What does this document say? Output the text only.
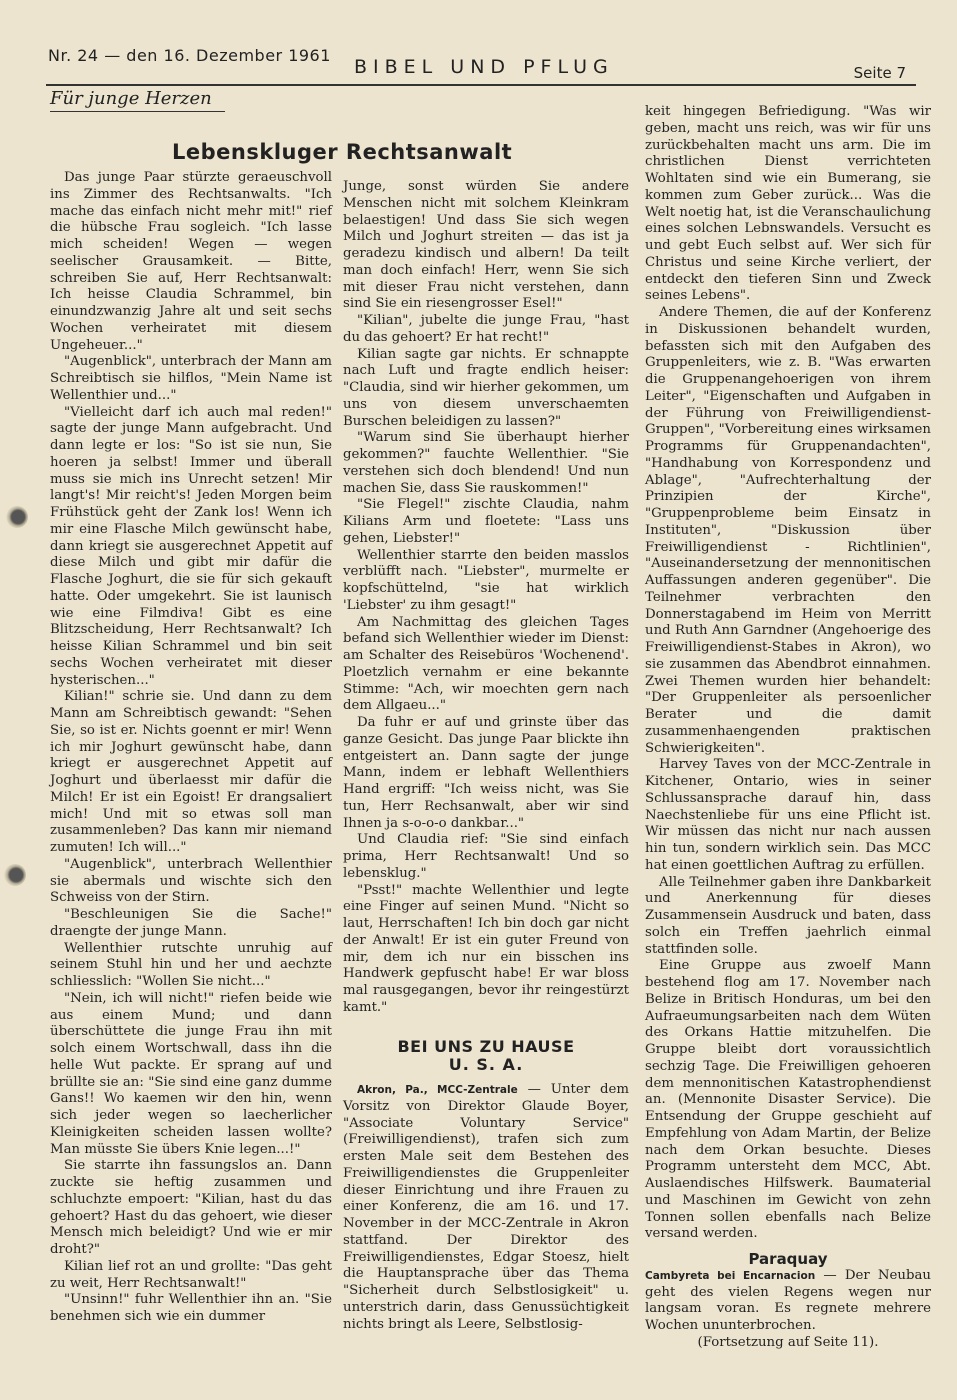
Nr. 24 — den 16. Dezember 1961
BIBEL UND PFLUG	Seite 7
Für junge Herzen
Lebenskluger Rechtsanwalt

Das junge Paar stürzte geraeuschvoll ins Zimmer des Rechtsanwalts. "Ich mache das einfach nicht mehr mit!" rief die hübsche Frau sogleich. "Ich lasse mich scheiden! Wegen — wegen seelischer Grausamkeit. — Bitte, schreiben Sie auf, Herr Rechtsanwalt: Ich heisse Claudia Schrammel, bin einundzwanzig Jahre alt und seit sechs Wochen verheiratet mit diesem Ungeheuer..."

"Augenblick", unterbrach der Mann am Schreibtisch sie hilflos, "Mein Name ist Wellenthier und..."

"Vielleicht darf ich auch mal reden!" sagte der junge Mann aufgebracht. Und dann legte er los: "So ist sie nun, Sie hoeren ja selbst! Immer und überall muss sie mich ins Unrecht setzen! Mir langt's! Mir reicht's! Jeden Morgen beim Frühstück geht der Zank los! Wenn ich mir eine Flasche Milch gewünscht habe, dann kriegt sie ausgerechnet Appetit auf diese Milch und gibt mir dafür die Flasche Joghurt, die sie für sich gekauft hatte. Oder umgekehrt. Sie ist launisch wie eine Filmdiva! Gibt es eine Blitzscheidung, Herr Rechtsanwalt? Ich heisse Kilian Schrammel und bin seit sechs Wochen verheiratet mit dieser hysterischen..."

Kilian!" schrie sie. Und dann zu dem Mann am Schreibtisch gewandt: "Sehen Sie, so ist er. Nichts goennt er mir! Wenn ich mir Joghurt gewünscht habe, dann kriegt er ausgerechnet Appetit auf Joghurt und überlaesst mir dafür die Milch! Er ist ein Egoist! Er drangsaliert mich! Und mit so etwas soll man zusammenleben? Das kann mir niemand zumuten! Ich will..."

"Augenblick", unterbrach Wellenthier sie abermals und wischte sich den Schweiss von der Stirn.

"Beschleunigen Sie die Sache!" draengte der junge Mann.

Wellenthier rutschte unruhig auf seinem Stuhl hin und her und aechzte schliesslich: "Wollen Sie nicht..."

"Nein, ich will nicht!" riefen beide wie aus einem Mund; und dann überschüttete die junge Frau ihn mit solch einem Wortschwall, dass ihn die helle Wut packte. Er sprang auf und brüllte sie an: "Sie sind eine ganz dumme Gans!! Wo kaemen wir den hin, wenn sich jeder wegen so laecherlicher Kleinigkeiten scheiden lassen wollte? Man müsste Sie übers Knie legen...!"

Sie starrte ihn fassungslos an. Dann zuckte sie heftig zusammen und schluchzte empoert: "Kilian, hast du das gehoert? Hast du das gehoert, wie dieser Mensch mich beleidigt? Und wie er mir droht?"

Kilian lief rot an und grollte: "Das geht zu weit, Herr Rechtsanwalt!"

"Unsinn!" fuhr Wellenthier ihn an. "Sie benehmen sich wie ein dummer

Junge, sonst würden Sie andere Menschen nicht mit solchem Kleinkram belaestigen! Und dass Sie sich wegen Milch und Joghurt streiten — das ist ja geradezu kindisch und albern! Da teilt man doch einfach! Herr, wenn Sie sich mit dieser Frau nicht verstehen, dann sind Sie ein riesengrosser Esel!"

"Kilian", jubelte die junge Frau, "hast du das gehoert? Er hat recht!"

Kilian sagte gar nichts. Er schnappte nach Luft und fragte endlich heiser: "Claudia, sind wir hierher gekommen, um uns von diesem unverschaemten Burschen beleidigen zu lassen?"

"Warum sind Sie überhaupt hierher gekommen?" fauchte Wellenthier. "Sie verstehen sich doch blendend! Und nun machen Sie, dass Sie rauskommen!"

"Sie Flegel!" zischte Claudia, nahm Kilians Arm und floetete: "Lass uns gehen, Liebster!"

Wellenthier starrte den beiden masslos verblüfft nach. "Liebster", murmelte er kopfschüttelnd, "sie hat wirklich 'Liebster' zu ihm gesagt!"

Am Nachmittag des gleichen Tages befand sich Wellenthier wieder im Dienst: am Schalter des Reisebüros 'Wochenend'. Ploetzlich vernahm er eine bekannte Stimme: "Ach, wir moechten gern nach dem Allgaeu..."

Da fuhr er auf und grinste über das ganze Gesicht. Das junge Paar blickte ihn entgeistert an. Dann sagte der junge Mann, indem er lebhaft Wellenthiers Hand ergriff: "Ich weiss nicht, was Sie tun, Herr Rechsanwalt, aber wir sind Ihnen ja s-o-o-o dankbar..."

Und Claudia rief: "Sie sind einfach prima, Herr Rechtsanwalt! Und so lebensklug."

"Psst!" machte Wellenthier und legte eine Finger auf seinen Mund. "Nicht so laut, Herrschaften! Ich bin doch gar nicht der Anwalt! Er ist ein guter Freund von mir, dem ich nur ein bisschen ins Handwerk gepfuscht habe! Er war bloss mal rausgegangen, bevor ihr reingestürzt kamt."

BEI UNS ZU HAUSE
U. S. A.

Akron, Pa., MCC-Zentrale — Unter dem Vorsitz von Direktor Glaude Boyer, "Associate Voluntary Service" (Freiwilligendienst), trafen sich zum ersten Male seit dem Bestehen des Freiwilligendienstes die Gruppenleiter dieser Einrichtung und ihre Frauen zu einer Konferenz, die am 16. und 17. November in der MCC-Zentrale in Akron stattfand. Der Direktor des Freiwilligendienstes, Edgar Stoesz, hielt die Hauptansprache über das Thema "Sicherheit durch Selbstlosigkeit" u. unterstrich darin, dass Genussüchtigkeit nichts bringt als Leere, Selbstlosig-

keit hingegen Befriedigung. "Was wir geben, macht uns reich, was wir für uns zurückbehalten macht uns arm. Die im christlichen Dienst verrichteten Wohltaten sind wie ein Bumerang, sie kommen zum Geber zurück... Was die Welt noetig hat, ist die Veranschaulichung eines solchen Lebnswandels. Versucht es und gebt Euch selbst auf. Wer sich für Christus und seine Kirche verliert, der entdeckt den tieferen Sinn und Zweck seines Lebens".

Andere Themen, die auf der Konferenz in Diskussionen behandelt wurden, befassten sich mit den Aufgaben des Gruppenleiters, wie z. B. "Was erwarten die Gruppenangehoerigen von ihrem Leiter", "Eigenschaften und Aufgaben in der Führung von Freiwilligendienst-Gruppen", "Vorbereitung eines wirksamen Programms für Gruppenandachten", "Handhabung von Korrespondenz und Ablage", "Aufrechterhaltung der Prinzipien der Kirche", "Gruppenprobleme beim Einsatz in Instituten", "Diskussion über Freiwilligendienst - Richtlinien", "Auseinandersetzung der mennonitischen Auffassungen anderen gegenüber". Die Teilnehmer verbrachten den Donnerstagabend im Heim von Merritt und Ruth Ann Garndner (Angehoerige des Freiwilligendienst-Stabes in Akron), wo sie zusammen das Abendbrot einnahmen. Zwei Themen wurden hier behandelt: "Der Gruppenleiter als persoenlicher Berater und die damit zusammenhaengenden praktischen Schwierigkeiten".

Harvey Taves von der MCC-Zentrale in Kitchener, Ontario, wies in seiner Schlussansprache darauf hin, dass Naechstenliebe für uns eine Pflicht ist. Wir müssen das nicht nur nach aussen hin tun, sondern wirklich sein. Das MCC hat einen goettlichen Auftrag zu erfüllen.

Alle Teilnehmer gaben ihre Dankbarkeit und Anerkennung für dieses Zusammensein Ausdruck und baten, dass solch ein Treffen jaehrlich einmal stattfinden solle.

Eine Gruppe aus zwoelf Mann bestehend flog am 17. November nach Belize in Britisch Honduras, um bei den Aufraeumungsarbeiten nach dem Wüten des Orkans Hattie mitzuhelfen. Die Gruppe bleibt dort voraussichtlich sechzig Tage. Die Freiwilligen gehoeren dem mennonitischen Katastrophendienst an. (Mennonite Disaster Service). Die Entsendung der Gruppe geschieht auf Empfehlung von Adam Martin, der Belize nach dem Orkan besuchte. Dieses Programm untersteht dem MCC, Abt. Auslaendisches Hilfswerk. Baumaterial und Maschinen im Gewicht von zehn Tonnen sollen ebenfalls nach Belize versand werden.

Paraquay

Cambyreta bei Encarnacion — Der Neubau geht des vielen Regens wegen nur langsam voran. Es regnete mehrere Wochen ununterbrochen.

(Fortsetzung auf Seite 11).
